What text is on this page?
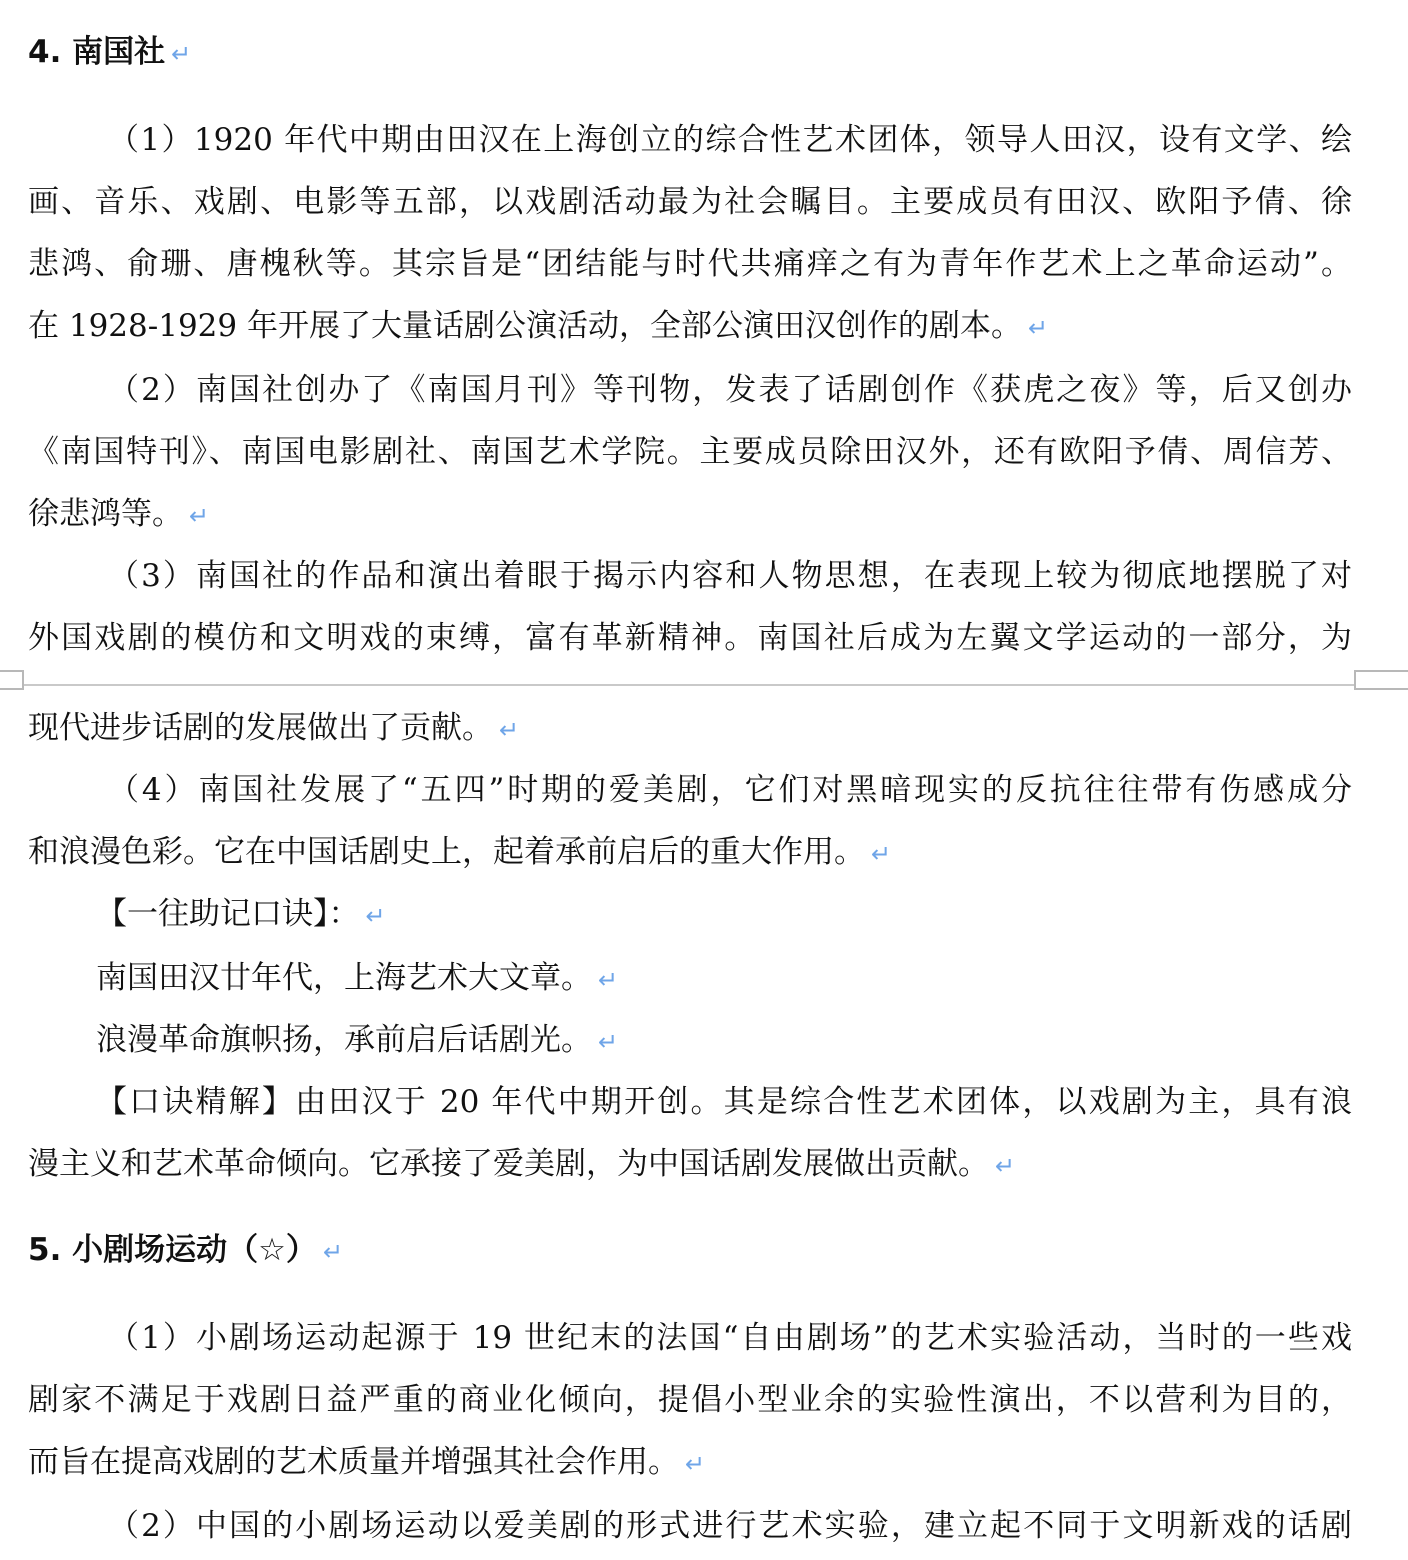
4. 南国社 ↵
（1）1920 年代中期由田汉在上海创立的综合性艺术团体，领导人田汉，设有文学、绘
画、音乐、戏剧、电影等五部，以戏剧活动最为社会瞩目。主要成员有田汉、欧阳予倩、徐
悲鸿、俞珊、唐槐秋等。其宗旨是“团结能与时代共痛痒之有为青年作艺术上之革命运动”。
在 1928-1929 年开展了大量话剧公演活动，全部公演田汉创作的剧本。 ↵
（2）南国社创办了《南国月刊》等刊物，发表了话剧创作《获虎之夜》等，后又创办
《南国特刊》、南国电影剧社、南国艺术学院。主要成员除田汉外，还有欧阳予倩、周信芳、
徐悲鸿等。 ↵
（3）南国社的作品和演出着眼于揭示内容和人物思想，在表现上较为彻底地摆脱了对
外国戏剧的模仿和文明戏的束缚，富有革新精神。南国社后成为左翼文学运动的一部分，为
现代进步话剧的发展做出了贡献。 ↵
（4）南国社发展了“五四”时期的爱美剧，它们对黑暗现实的反抗往往带有伤感成分
和浪漫色彩。它在中国话剧史上，起着承前启后的重大作用。 ↵
【一往助记口诀】： ↵
南国田汉廿年代，上海艺术大文章。 ↵
浪漫革命旗帜扬，承前启后话剧光。 ↵
【口诀精解】由田汉于 20 年代中期开创。其是综合性艺术团体，以戏剧为主，具有浪
漫主义和艺术革命倾向。它承接了爱美剧，为中国话剧发展做出贡献。 ↵
5. 小剧场运动（☆） ↵
（1）小剧场运动起源于 19 世纪末的法国“自由剧场”的艺术实验活动，当时的一些戏
剧家不满足于戏剧日益严重的商业化倾向，提倡小型业余的实验性演出，不以营利为目的，
而旨在提高戏剧的艺术质量并增强其社会作用。 ↵
（2）中国的小剧场运动以爱美剧的形式进行艺术实验，建立起不同于文明新戏的话剧
